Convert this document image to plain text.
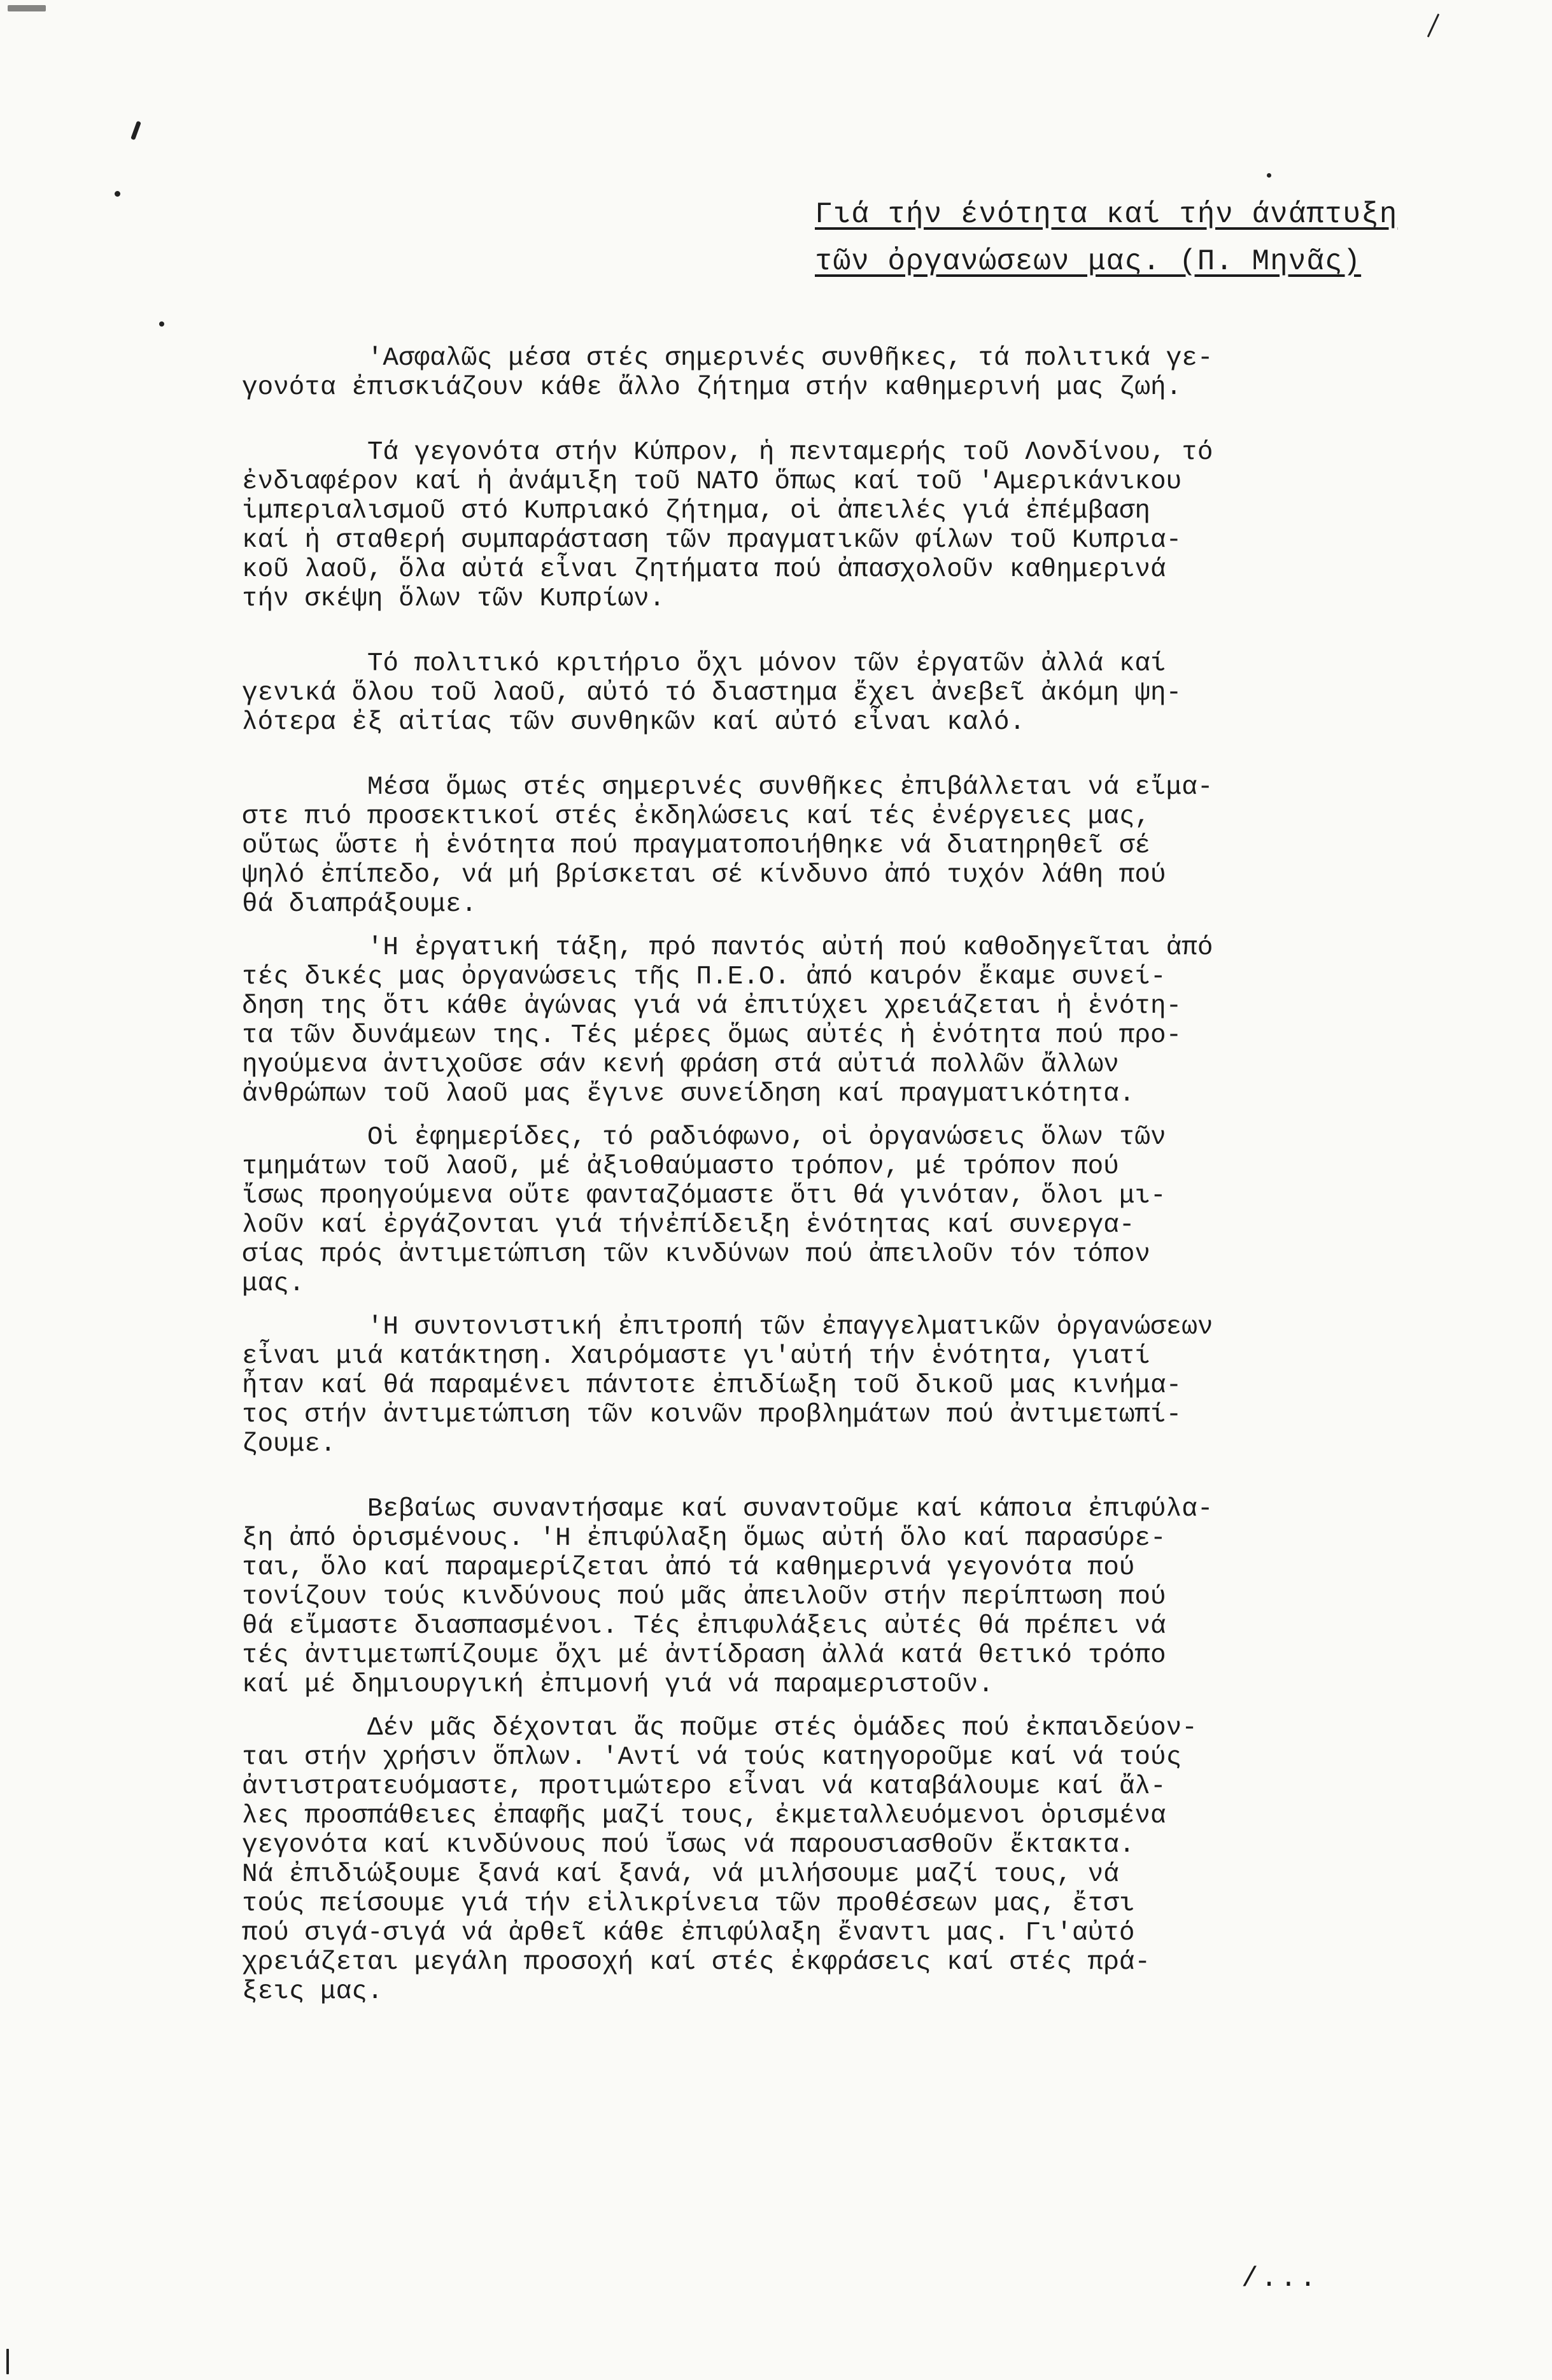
Γιά τήν ένότητα καί τήν άνάπτυξη
τῶν ὀργανώσεων μας. (Π. Μηνᾶς)
'Ασφαλῶς μέσα στές σημερινές συνθῆκες, τά πολιτικά γε-
γονότα ἐπισκιάζουν κάθε ἄλλο ζήτημα στήν καθημερινή μας ζωή.
Τά γεγονότα στήν Κύπρον, ἡ πενταμερής τοῦ Λονδίνου, τό
ἐνδιαφέρον καί ἡ ἀνάμιξη τοῦ ΝΑΤΟ ὅπως καί τοῦ 'Αμερικάνικου
ἰμπεριαλισμοῦ στό Κυπριακό ζήτημα, οἱ ἀπειλές γιά ἐπέμβαση
καί ἡ σταθερή συμπαράσταση τῶν πραγματικῶν φίλων τοῦ Κυπρια-
κοῦ λαοῦ, ὅλα αὐτά εἶναι ζητήματα πού ἀπασχολοῦν καθημερινά
τήν σκέψη ὅλων τῶν Κυπρίων.
Τό πολιτικό κριτήριο ὄχι μόνον τῶν ἐργατῶν ἀλλά καί
γενικά ὅλου τοῦ λαοῦ, αὐτό τό διαστημα ἔχει ἀνεβεῖ ἀκόμη ψη-
λότερα ἐξ αἰτίας τῶν συνθηκῶν καί αὐτό εἶναι καλό.
Μέσα ὅμως στές σημερινές συνθῆκες ἐπιβάλλεται νά εἴμα-
στε πιό προσεκτικοί στές ἐκδηλώσεις καί τές ἐνέργειες μας,
οὕτως ὥστε ἡ ἑνότητα πού πραγματοποιήθηκε νά διατηρηθεῖ σέ
ψηλό ἐπίπεδο, νά μή βρίσκεται σέ κίνδυνο ἀπό τυχόν λάθη πού
θά διαπράξουμε.
'Η ἐργατική τάξη, πρό παντός αὐτή πού καθοδηγεῖται ἀπό
τές δικές μας ὀργανώσεις τῆς Π.Ε.Ο. ἀπό καιρόν ἔκαμε συνεί-
δηση της ὅτι κάθε ἀγώνας γιά νά ἐπιτύχει χρειάζεται ἡ ἑνότη-
τα τῶν δυνάμεων της. Τές μέρες ὅμως αὐτές ἡ ἑνότητα πού προ-
ηγούμενα ἀντιχοῦσε σάν κενή φράση στά αὐτιά πολλῶν ἄλλων
ἀνθρώπων τοῦ λαοῦ μας ἔγινε συνείδηση καί πραγματικότητα.
Οἱ ἐφημερίδες, τό ραδιόφωνο, οἱ ὀργανώσεις ὅλων τῶν
τμημάτων τοῦ λαοῦ, μέ ἀξιοθαύμαστο τρόπον, μέ τρόπον πού
ἴσως προηγούμενα οὔτε φανταζόμαστε ὅτι θά γινόταν, ὅλοι μι-
λοῦν καί ἐργάζονται γιά τήνἐπίδειξη ἑνότητας καί συνεργα-
σίας πρός ἀντιμετώπιση τῶν κινδύνων πού ἀπειλοῦν τόν τόπον
μας.
'Η συντονιστική ἐπιτροπή τῶν ἐπαγγελματικῶν ὀργανώσεων
εἶναι μιά κατάκτηση. Χαιρόμαστε γι'αὐτή τήν ἑνότητα, γιατί
ἦταν καί θά παραμένει πάντοτε ἐπιδίωξη τοῦ δικοῦ μας κινήμα-
τος στήν ἀντιμετώπιση τῶν κοινῶν προβλημάτων πού ἀντιμετωπί-
ζουμε.
Βεβαίως συναντήσαμε καί συναντοῦμε καί κάποια ἐπιφύλα-
ξη ἀπό ὁρισμένους. 'Η ἐπιφύλαξη ὅμως αὐτή ὅλο καί παρασύρε-
ται, ὅλο καί παραμερίζεται ἀπό τά καθημερινά γεγονότα πού
τονίζουν τούς κινδύνους πού μᾶς ἀπειλοῦν στήν περίπτωση πού
θά εἴμαστε διασπασμένοι. Τές ἐπιφυλάξεις αὐτές θά πρέπει νά
τές ἀντιμετωπίζουμε ὄχι μέ ἀντίδραση ἀλλά κατά θετικό τρόπο
καί μέ δημιουργική ἐπιμονή γιά νά παραμεριστοῦν.
Δέν μᾶς δέχονται ἄς ποῦμε στές ὁμάδες πού ἐκπαιδεύον-
ται στήν χρήσιν ὅπλων. 'Αντί νά τούς κατηγοροῦμε καί νά τούς
ἀντιστρατευόμαστε, προτιμώτερο εἶναι νά καταβάλουμε καί ἄλ-
λες προσπάθειες ἐπαφῆς μαζί τους, ἐκμεταλλευόμενοι ὁρισμένα
γεγονότα καί κινδύνους πού ἴσως νά παρουσιασθοῦν ἔκτακτα.
Νά ἐπιδιώξουμε ξανά καί ξανά, νά μιλήσουμε μαζί τους, νά
τούς πείσουμε γιά τήν εἰλικρίνεια τῶν προθέσεων μας, ἔτσι
πού σιγά-σιγά νά ἀρθεῖ κάθε ἐπιφύλαξη ἔναντι μας. Γι'αὐτό
χρειάζεται μεγάλη προσοχή καί στές ἐκφράσεις καί στές πρά-
ξεις μας.
/...
